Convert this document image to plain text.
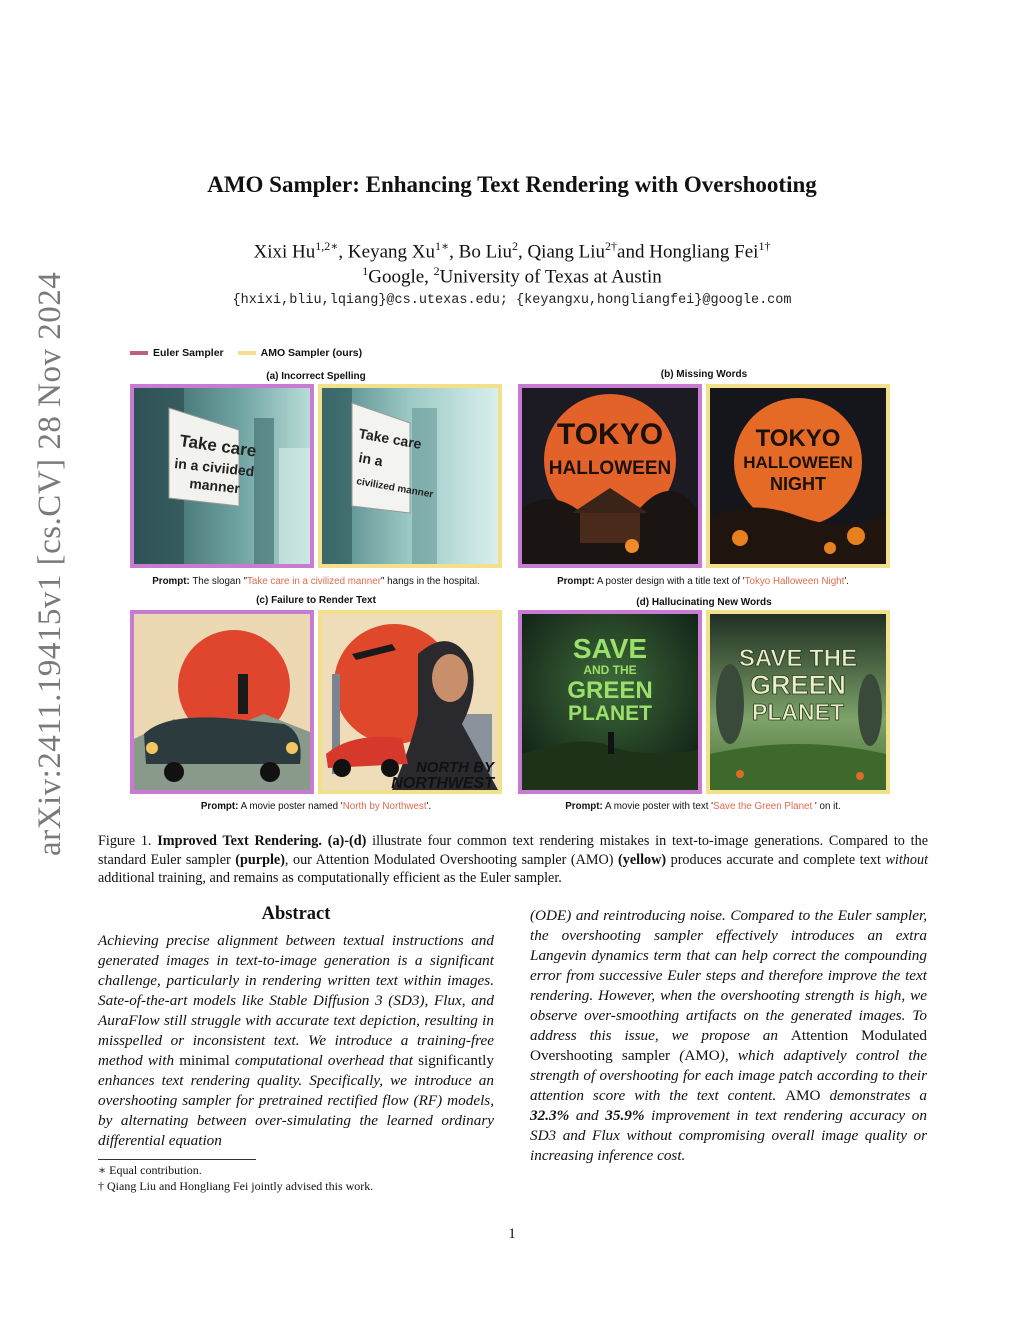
arXiv:2411.19415v1 [cs.CV] 28 Nov 2024
AMO Sampler: Enhancing Text Rendering with Overshooting
Xixi $Hu^{1,2∗}$, Keyang $Xu^{1∗}$, Bo Liu$^2$, Qiang Liu$^{2\dagger}$and Hongliang Fei$^{1\dagger}$
$^1$Google, $^2$University of Texas at Austin
{hxixi,bliu,lqiang}@cs.utexas.edu; {keyangxu,hongliangfei}@google.com
Euler Sampler	AMO Sampler (ours)
(a) Incorrect Spelling	(b) Missing Words
(c) Failure to Render Text	(d) Hallucinating New Words
Take care
in a civiided
manner
Take care
in a
civilized manner
TOKYO
HALLOWEEN
TOKYO
HALLOWEEN
NIGHT
Prompt: The slogan "Take care in a civilized manner" hangs in the hospital.	Prompt: A poster design with a title text of 'Tokyo Halloween Night'.
NORTH BY
NORTHWEST
SAVE
AND THE
GREEN
PLANET
SAVE THE
GREEN
PLANET
Prompt: A movie poster named 'North by Northwest'.	Prompt: A movie poster with text 'Save the Green Planet ' on it.
Figure 1. Improved Text Rendering. (a)-(d) illustrate four common text rendering mistakes in text-to-image generations. Compared to the standard Euler sampler (purple), our Attention Modulated Overshooting sampler (AMO) (yellow) produces accurate and complete text without additional training, and remains as computationally efficient as the Euler sampler.
Abstract
Achieving precise alignment between textual instructions and generated images in text-to-image generation is a significant challenge, particularly in rendering written text within images. Sate-of-the-art models like Stable Diffusion 3 (SD3), Flux, and AuraFlow still struggle with accurate text depiction, resulting in misspelled or inconsistent text. We introduce a training-free method with minimal computational overhead that significantly enhances text rendering quality. Specifically, we introduce an overshooting sampler for pretrained rectified flow (RF) models, by alternating between over-simulating the learned ordinary differential equation
(ODE) and reintroducing noise. Compared to the Euler sampler, the overshooting sampler effectively introduces an extra Langevin dynamics term that can help correct the compounding error from successive Euler steps and therefore improve the text rendering. However, when the overshooting strength is high, we observe over-smoothing artifacts on the generated images. To address this issue, we propose an Attention Modulated Overshooting sampler (AMO), which adaptively control the strength of overshooting for each image patch according to their attention score with the text content. AMO demonstrates a 32.3% and 35.9% improvement in text rendering accuracy on SD3 and Flux without compromising overall image quality or increasing inference cost.
∗ Equal contribution.
† Qiang Liu and Hongliang Fei jointly advised this work.
1
